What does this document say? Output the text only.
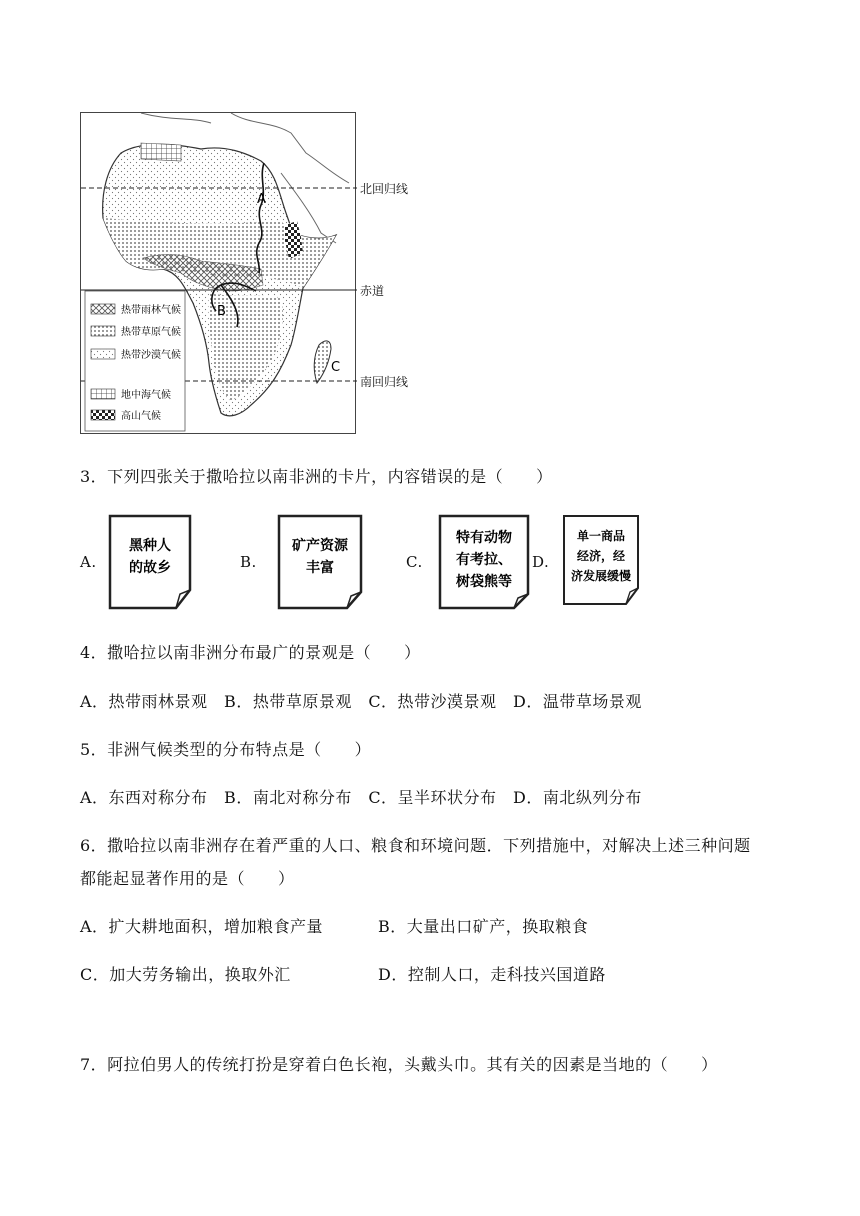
热带雨林气候
热带草原气候
热带沙漠气候
地中海气候
高山气候
A
B
C
北回归线
赤道
南回归线
3．下列四张关于撒哈拉以南非洲的卡片，内容错误的是（　　）
A.
黑种人
的故乡	B.
矿产资源
丰富	C.
特有动物
有考拉、
树袋熊等
D.
单一商品
经济，经
济发展缓慢
4．撒哈拉以南非洲分布最广的景观是（　　）
A．热带雨林景观　B．热带草原景观　C．热带沙漠景观　D．温带草场景观
5．非洲气候类型的分布特点是（　　）
A．东西对称分布　B．南北对称分布　C．呈半环状分布　D．南北纵列分布
6．撒哈拉以南非洲存在着严重的人口、粮食和环境问题．下列措施中，对解决上述三种问题
都能起显著作用的是（　　）
A．扩大耕地面积，增加粮食产量	B．大量出口矿产，换取粮食
C．加大劳务输出，换取外汇	D．控制人口，走科技兴国道路
7．阿拉伯男人的传统打扮是穿着白色长袍，头戴头巾。其有关的因素是当地的（　　）
